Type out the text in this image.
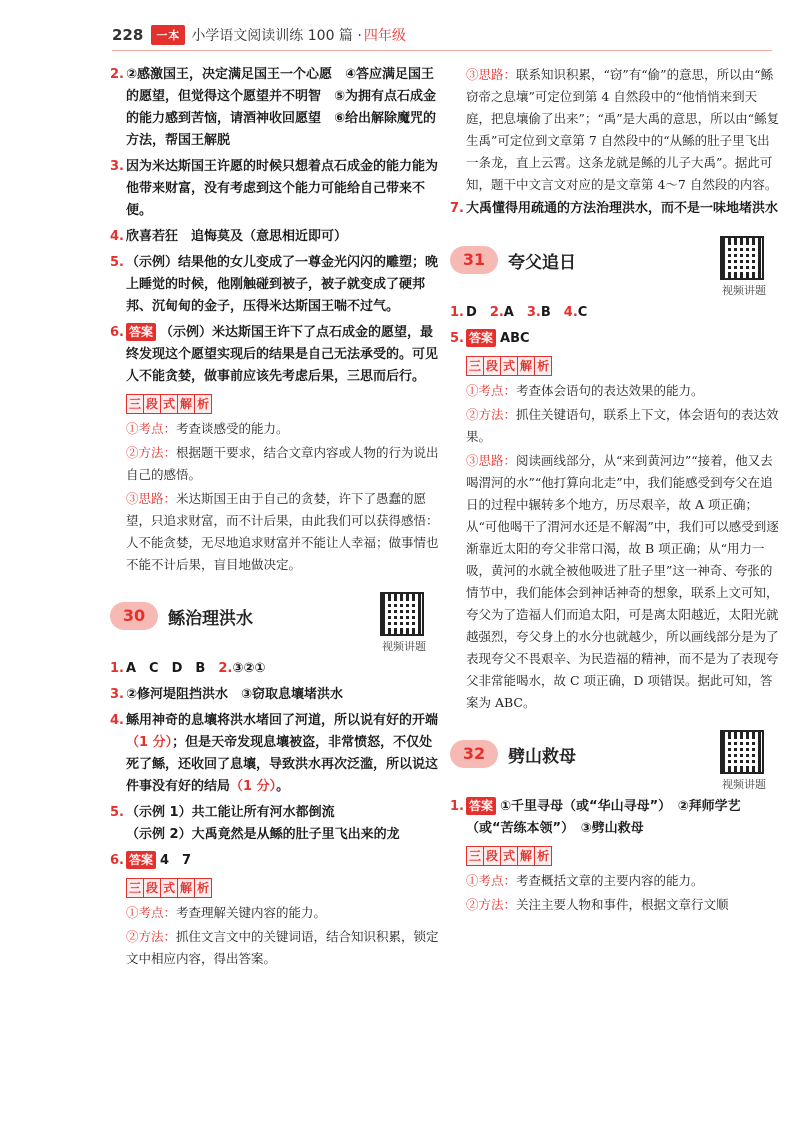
228	一本 小学语文阅读训练 100 篇 · 四年级
2. ②感激国王，决定满足国王一个心愿　④答应满足国王的愿望，但觉得这个愿望并不明智　⑤为拥有点石成金的能力感到苦恼，请酒神收回愿望　⑥给出解除魔咒的方法，帮国王解脱
3. 因为米达斯国王许愿的时候只想着点石成金的能力能为他带来财富，没有考虑到这个能力可能给自己带来不便。
4. 欣喜若狂　追悔莫及（意思相近即可）
5. （示例）结果他的女儿变成了一尊金光闪闪的雕塑；晚上睡觉的时候，他刚触碰到被子，被子就变成了硬邦邦、沉甸甸的金子，压得米达斯国王喘不过气。
6. 答案 （示例）米达斯国王许下了点石成金的愿望，最终发现这个愿望实现后的结果是自己无法承受的。可见人不能贪婪，做事前应该先考虑后果，三思而后行。
三 段 式 解 析
①考点：考查谈感受的能力。
②方法：根据题干要求，结合文章内容或人物的行为说出自己的感悟。
③思路：米达斯国王由于自己的贪婪，许下了愚蠢的愿望，只追求财富，而不计后果，由此我们可以获得感悟：人不能贪婪，无尽地追求财富并不能让人幸福；做事情也不能不计后果，盲目地做决定。
30	鲧治理洪水
视频讲题
1. A　C　D　B　 2.③②①
3. ②修河堤阻挡洪水　③窃取息壤堵洪水
4. 鲧用神奇的息壤将洪水堵回了河道，所以说有好的开端（1 分）；但是天帝发现息壤被盗，非常愤怒，不仅处死了鲧，还收回了息壤，导致洪水再次泛滥，所以说这件事没有好的结局（1 分）。
5. （示例 1）共工能让所有河水都倒流
（示例 2）大禹竟然是从鲧的肚子里飞出来的龙
6. 答案 4　7
三 段 式 解 析
①考点：考查理解关键内容的能力。
②方法：抓住文言文中的关键词语，结合知识积累，锁定文中相应内容，得出答案。
③思路：联系知识积累，“窃”有“偷”的意思，所以由“鲧窃帝之息壤”可定位到第 4 自然段中的“他悄悄来到天庭，把息壤偷了出来”；“禹”是大禹的意思，所以由“鲧复生禹”可定位到文章第 7 自然段中的“从鲧的肚子里飞出一条龙，直上云霄。这条龙就是鲧的儿子大禹”。据此可知，题干中文言文对应的是文章第 4～7 自然段的内容。
7. 大禹懂得用疏通的方法治理洪水，而不是一味地堵洪水
31	夸父追日
视频讲题
1. D　 2.A　 3.B　 4.C
5. 答案 ABC
三 段 式 解 析
①考点：考查体会语句的表达效果的能力。
②方法：抓住关键语句，联系上下文，体会语句的表达效果。
③思路：阅读画线部分，从“来到黄河边”“接着，他又去喝渭河的水”“他打算向北走”中，我们能感受到夸父在追日的过程中辗转多个地方，历尽艰辛，故 A 项正确；从“可他喝干了渭河水还是不解渴”中，我们可以感受到逐渐靠近太阳的夸父非常口渴，故 B 项正确；从“用力一吸，黄河的水就全被他吸进了肚子里”这一神奇、夸张的情节中，我们能体会到神话神奇的想象，联系上文可知，夸父为了造福人们而追太阳，可是离太阳越近，太阳光就越强烈，夸父身上的水分也就越少，所以画线部分是为了表现夸父不畏艰辛、为民造福的精神，而不是为了表现夸父非常能喝水，故 C 项正确，D 项错误。据此可知，答案为 ABC。
32	劈山救母
视频讲题
1. 答案 ①千里寻母（或“华山寻母”）　②拜师学艺（或“苦练本领”）　③劈山救母
三 段 式 解 析
①考点：考查概括文章的主要内容的能力。
②方法：关注主要人物和事件，根据文章行文顺
